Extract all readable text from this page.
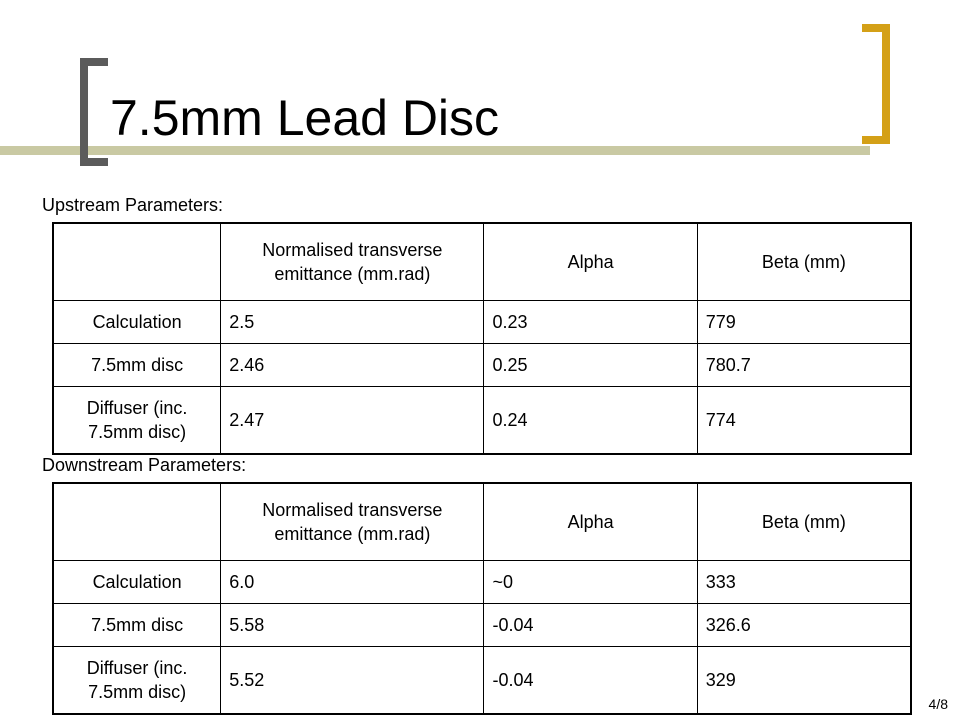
7.5mm Lead Disc
Upstream Parameters:
	Normalised transverse emittance (mm.rad)	Alpha	Beta (mm)
Calculation	2.5	0.23	779
7.5mm disc	2.46	0.25	780.7
Diffuser (inc. 7.5mm disc)	2.47	0.24	774
Downstream Parameters:
	Normalised transverse emittance (mm.rad)	Alpha	Beta (mm)
Calculation	6.0	~0	333
7.5mm disc	5.58	-0.04	326.6
Diffuser (inc. 7.5mm disc)	5.52	-0.04	329
4/8
